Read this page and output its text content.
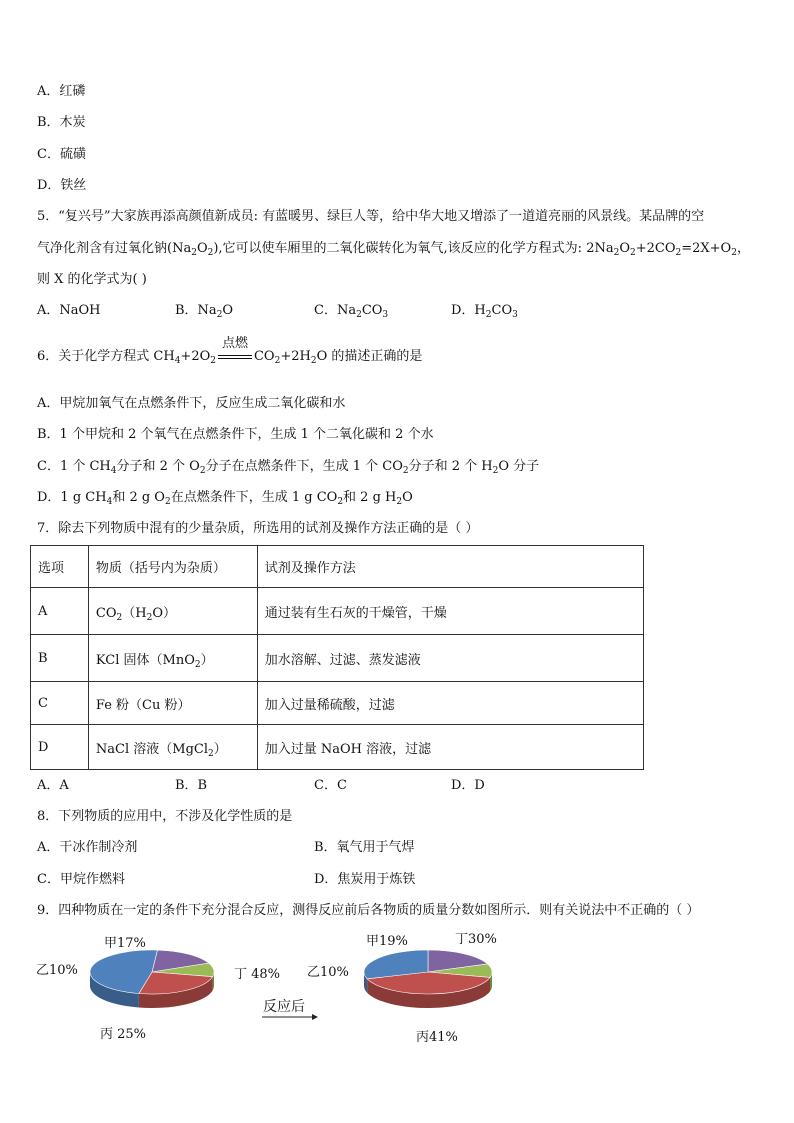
A．红磷
B．木炭
C．硫磺
D．铁丝
5．“复兴号”大家族再添高颜值新成员: 有蓝暖男、绿巨人等，给中华大地又增添了一道道亮丽的风景线。某品牌的空
气净化剂含有过氧化钠$(Na_2O_2)$,它可以使车厢里的二氧化碳转化为氧气,该反应的化学方程式为: $2Na_2O_2+2CO_2=2X+O_2$，
则 X 的化学式为( )
A．NaOH	B．$Na_2O$	C．$Na_2CO_3$	D．$H_2CO_3$
6．关于化学方程式 $CH_4+2O_2$
点燃
$CO_2+2H_2O$ 的描述正确的是
A．甲烷加氧气在点燃条件下，反应生成二氧化碳和水
B．1 个甲烷和 2 个氧气在点燃条件下，生成 1 个二氧化碳和 2 个水
C．1 个 $CH_4$分子和 2 个 $O_2$分子在点燃条件下，生成 1 个 $CO_2$分子和 2 个 $H_2O$ 分子
D．1 g $CH_4$和 2 g $O_2$在点燃条件下，生成 1 g $CO_2$和 2 g $H_2O$
7．除去下列物质中混有的少量杂质，所选用的试剂及操作方法正确的是（ ）
选项	物质（括号内为杂质）	试剂及操作方法
A	$CO_2(H_2O)$	通过装有生石灰的干燥管，干燥
B	KCl 固体（MnO$_2$）	加水溶解、过滤、蒸发滤液
C	Fe 粉（Cu 粉）	加入过量稀硫酸，过滤
D	NaCl 溶液（MgCl$_2$）	加入过量 NaOH 溶液，过滤
A．A	B．B	C．C	D．D
8．下列物质的应用中，不涉及化学性质的是
A．干冰作制冷剂	B．氧气用于气焊
C．甲烷作燃料	D．焦炭用于炼铁
9．四种物质在一定的条件下充分混合反应，测得反应前后各物质的质量分数如图所示．则有关说法中不正确的（ ）
反应后
甲17%
乙10%
丙 25%
丁 48%
甲19%
乙10%
丙41%
丁30%
